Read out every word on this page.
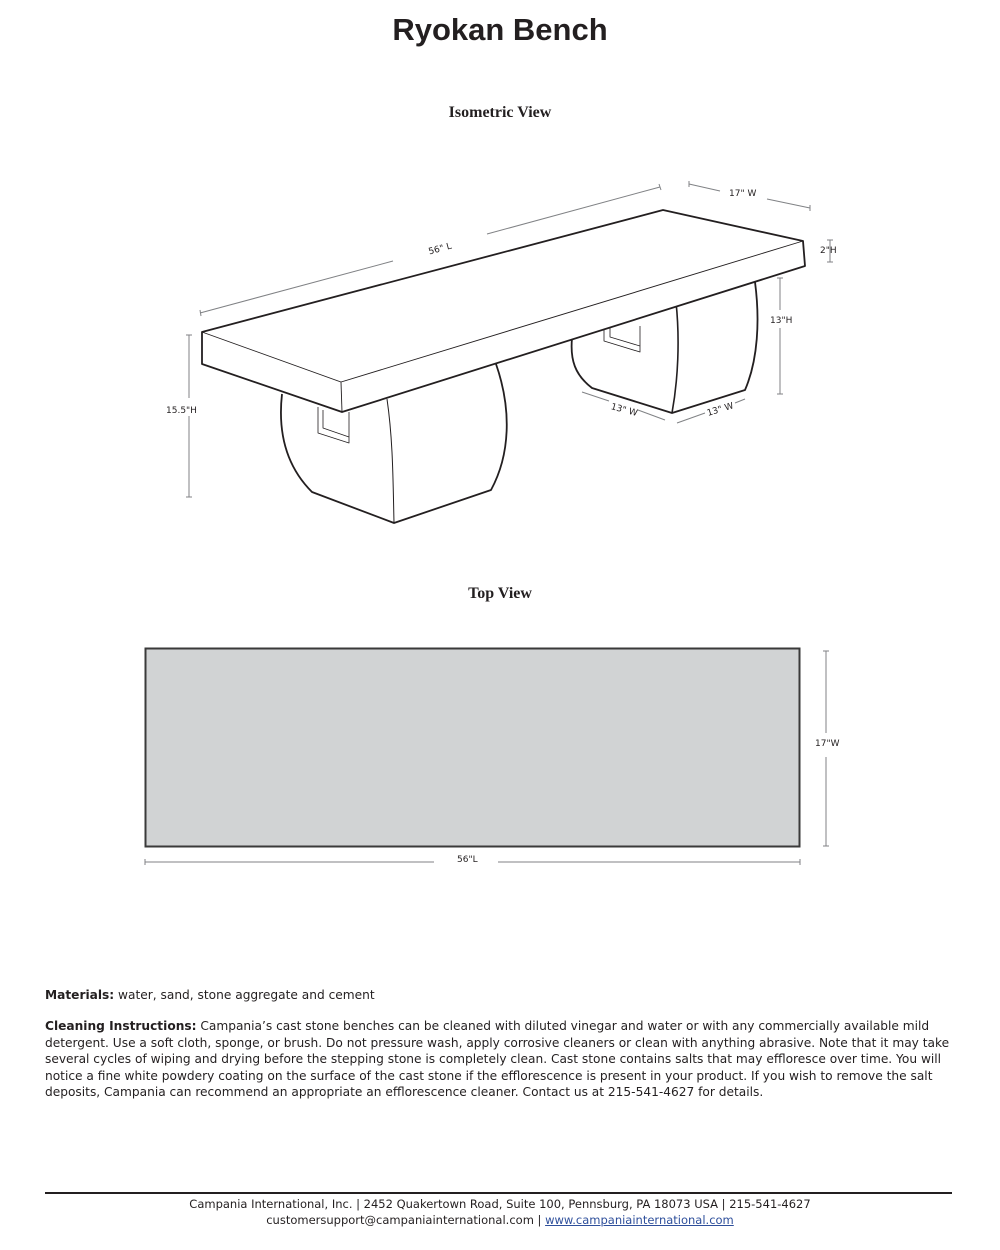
Ryokan Bench
Isometric View
56" L
17" W
2"H
13"H
15.5"H	13" W	13" W
Top View
17"W
56"L
Materials: water, sand, stone aggregate and cement
Cleaning Instructions: Campania’s cast stone benches can be cleaned with diluted vinegar and water or with any commercially available mild detergent. Use a soft cloth, sponge, or brush. Do not pressure wash, apply corrosive cleaners or clean with anything abrasive. Note that it may take several cycles of wiping and drying before the stepping stone is completely clean. Cast stone contains salts that may effloresce over time. You will notice a fine white powdery coating on the surface of the cast stone if the efflorescence is present in your product. If you wish to remove the salt deposits, Campania can recommend an appropriate an efflorescence cleaner. Contact us at 215-541-4627 for details.
Campania International, Inc. | 2452 Quakertown Road, Suite 100, Pennsburg, PA 18073 USA | 215-541-4627
customersupport@campaniainternational.com | www.campaniainternational.com
